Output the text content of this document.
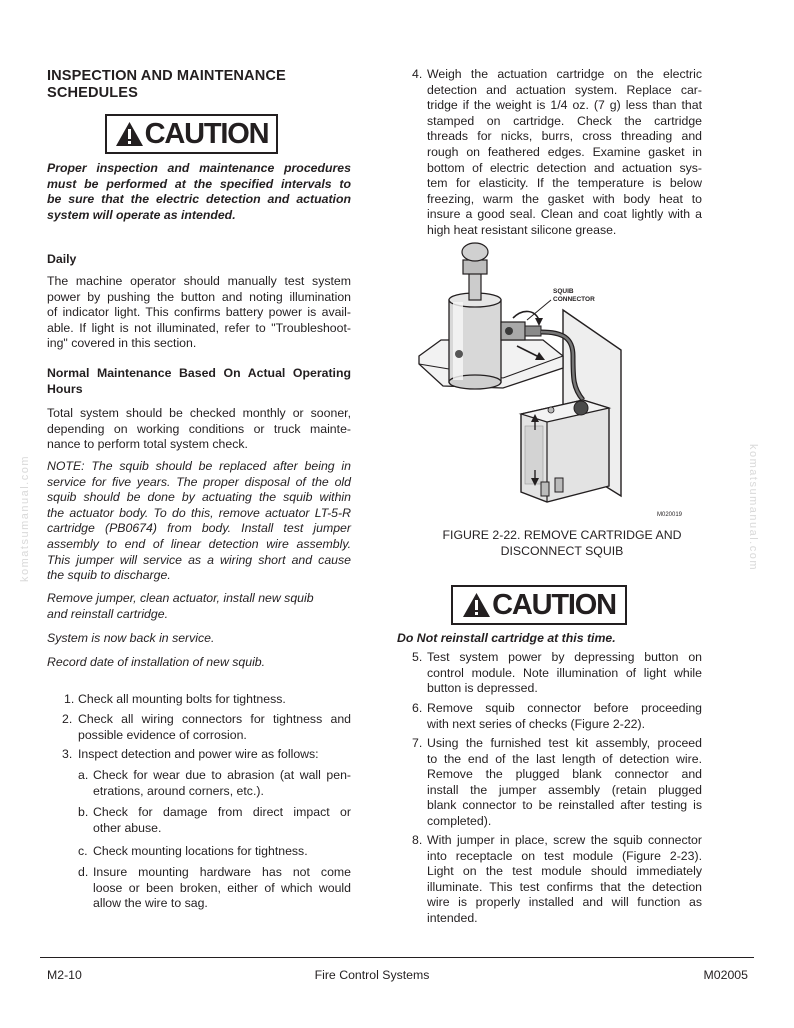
komatsumanual.com	komatsumanual.com
INSPECTION AND MAINTENANCE
SCHEDULES
CAUTION
Proper inspection and maintenance procedures
must be performed at the specified intervals to
be sure that the electric detection and actuation
system will operate as intended.
Daily
The machine operator should manually test system
power by pushing the button and noting illumination
of indicator light. This confirms battery power is avail-
able. If light is not illuminated, refer to "Troubleshoot-
ing" covered in this section.
Normal Maintenance Based On Actual Operating
Hours
Total system should be checked monthly or sooner,
depending on working conditions or truck mainte-
nance to perform total system check.
NOTE: The squib should be replaced after being in
service for five years. The proper disposal of the old
squib should be done by actuating the squib within
the actuator body. To do this, remove actuator LT-5-R
cartridge (PB0674) from body. Install test jumper
assembly to end of linear detection wire assembly.
This jumper will service as a wiring short and cause
the squib to discharge.
Remove jumper, clean actuator, install new squib
and reinstall cartridge.
System is now back in service.
Record date of installation of new squib.
1. Check all mounting bolts for tightness.
2. Check all wiring connectors for tightness and
possible evidence of corrosion.
3. Inspect detection and power wire as follows:
a. Check for wear due to abrasion (at wall pen-
etrations, around corners, etc.).
b. Check for damage from direct impact or
other abuse.
c. Check mounting locations for tightness.
d. Insure mounting hardware has not come
loose or been broken, either of which would
allow the wire to sag.
4. Weigh the actuation cartridge on the electric
detection and actuation system. Replace car-
tridge if the weight is 1/4 oz. (7 g) less than that
stamped on cartridge. Check the cartridge
threads for nicks, burrs, cross threading and
rough on feathered edges. Examine gasket in
bottom of electric detection and actuation sys-
tem for elasticity. If the temperature is below
freezing, warm the gasket with body heat to
insure a good seal. Clean and coat lightly with a
high heat resistant silicone grease.
SQUIB
CONNECTOR
M020019
FIGURE 2-22. REMOVE CARTRIDGE AND
DISCONNECT SQUIB
CAUTION
Do Not reinstall cartridge at this time.
5. Test system power by depressing button on
control module. Note illumination of light while
button is depressed.
6. Remove squib connector before proceeding
with next series of checks (Figure 2-22).
7. Using the furnished test kit assembly, proceed
to the end of the last length of detection wire.
Remove the plugged blank connector and
install the jumper assembly (retain plugged
blank connector to be reinstalled after testing is
completed).
8. With jumper in place, screw the squib connector
into receptacle on test module (Figure 2-23).
Light on the test module should immediately
illuminate. This test confirms that the detection
wire is properly installed and will function as
intended.
M2-10	Fire Control Systems	M02005
